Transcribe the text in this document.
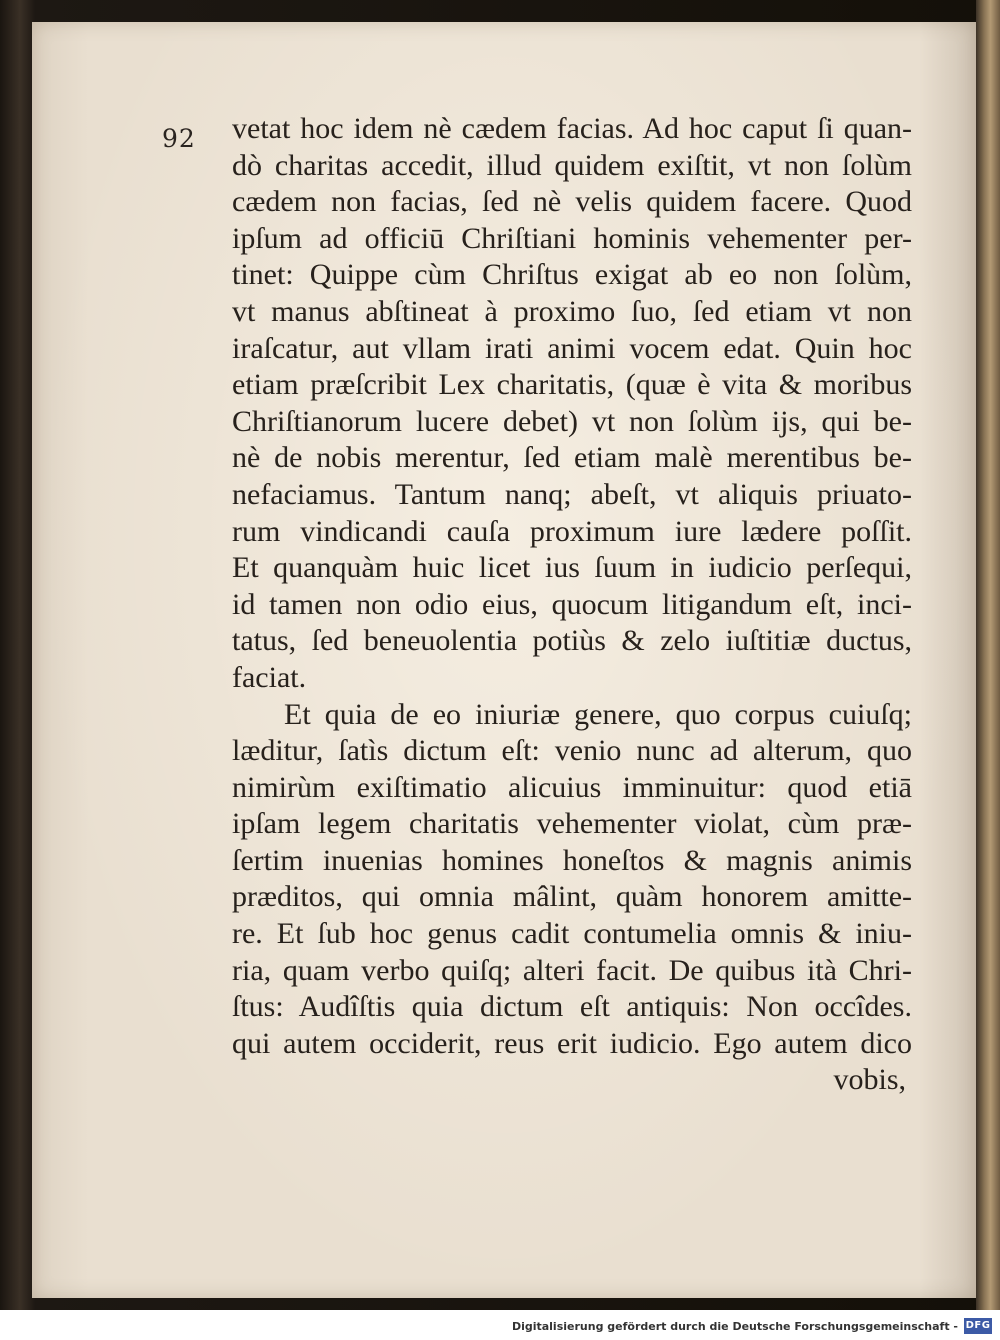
92 vetat hoc idem nè cædem facias. Ad hoc caput ſi quan-
dò charitas accedit, illud quidem exiſtit, vt non ſolùm
cædem non facias, ſed nè velis quidem facere. Quod
ipſum ad officiū Chriſtiani hominis vehementer per-
tinet: Quippe cùm Chriſtus exigat ab eo non ſolùm,
vt manus abſtineat à proximo ſuo, ſed etiam vt non
iraſcatur, aut vllam irati animi vocem edat. Quin hoc
etiam præſcribit Lex charitatis, (quæ è vita & moribus
Chriſtianorum lucere debet) vt non ſolùm ijs, qui be-
nè de nobis merentur, ſed etiam malè merentibus be-
nefaciamus. Tantum nanq; abeſt, vt aliquis priuato-
rum vindicandi cauſa proximum iure lædere poſſit.
Et quanquàm huic licet ius ſuum in iudicio perſequi,
id tamen non odio eius, quocum litigandum eſt, inci-
tatus, ſed beneuolentia potiùs & zelo iuſtitiæ ductus,
faciat.
Et quia de eo iniuriæ genere, quo corpus cuiuſq;
læditur, ſatìs dictum eſt: venio nunc ad alterum, quo
nimirùm exiſtimatio alicuius imminuitur: quod etiā
ipſam legem charitatis vehementer violat, cùm præ-
ſertim inuenias homines honeſtos & magnis animis
præditos, qui omnia mâlint, quàm honorem amitte-
re. Et ſub hoc genus cadit contumelia omnis & iniu-
ria, quam verbo quiſq; alteri facit. De quibus ità Chri-
ſtus: Audîſtis quia dictum eſt antiquis: Non occîdes.
qui autem occiderit, reus erit iudicio. Ego autem dico
vobis,
Digitalisierung gefördert durch die Deutsche Forschungsgemeinschaft - DFG
